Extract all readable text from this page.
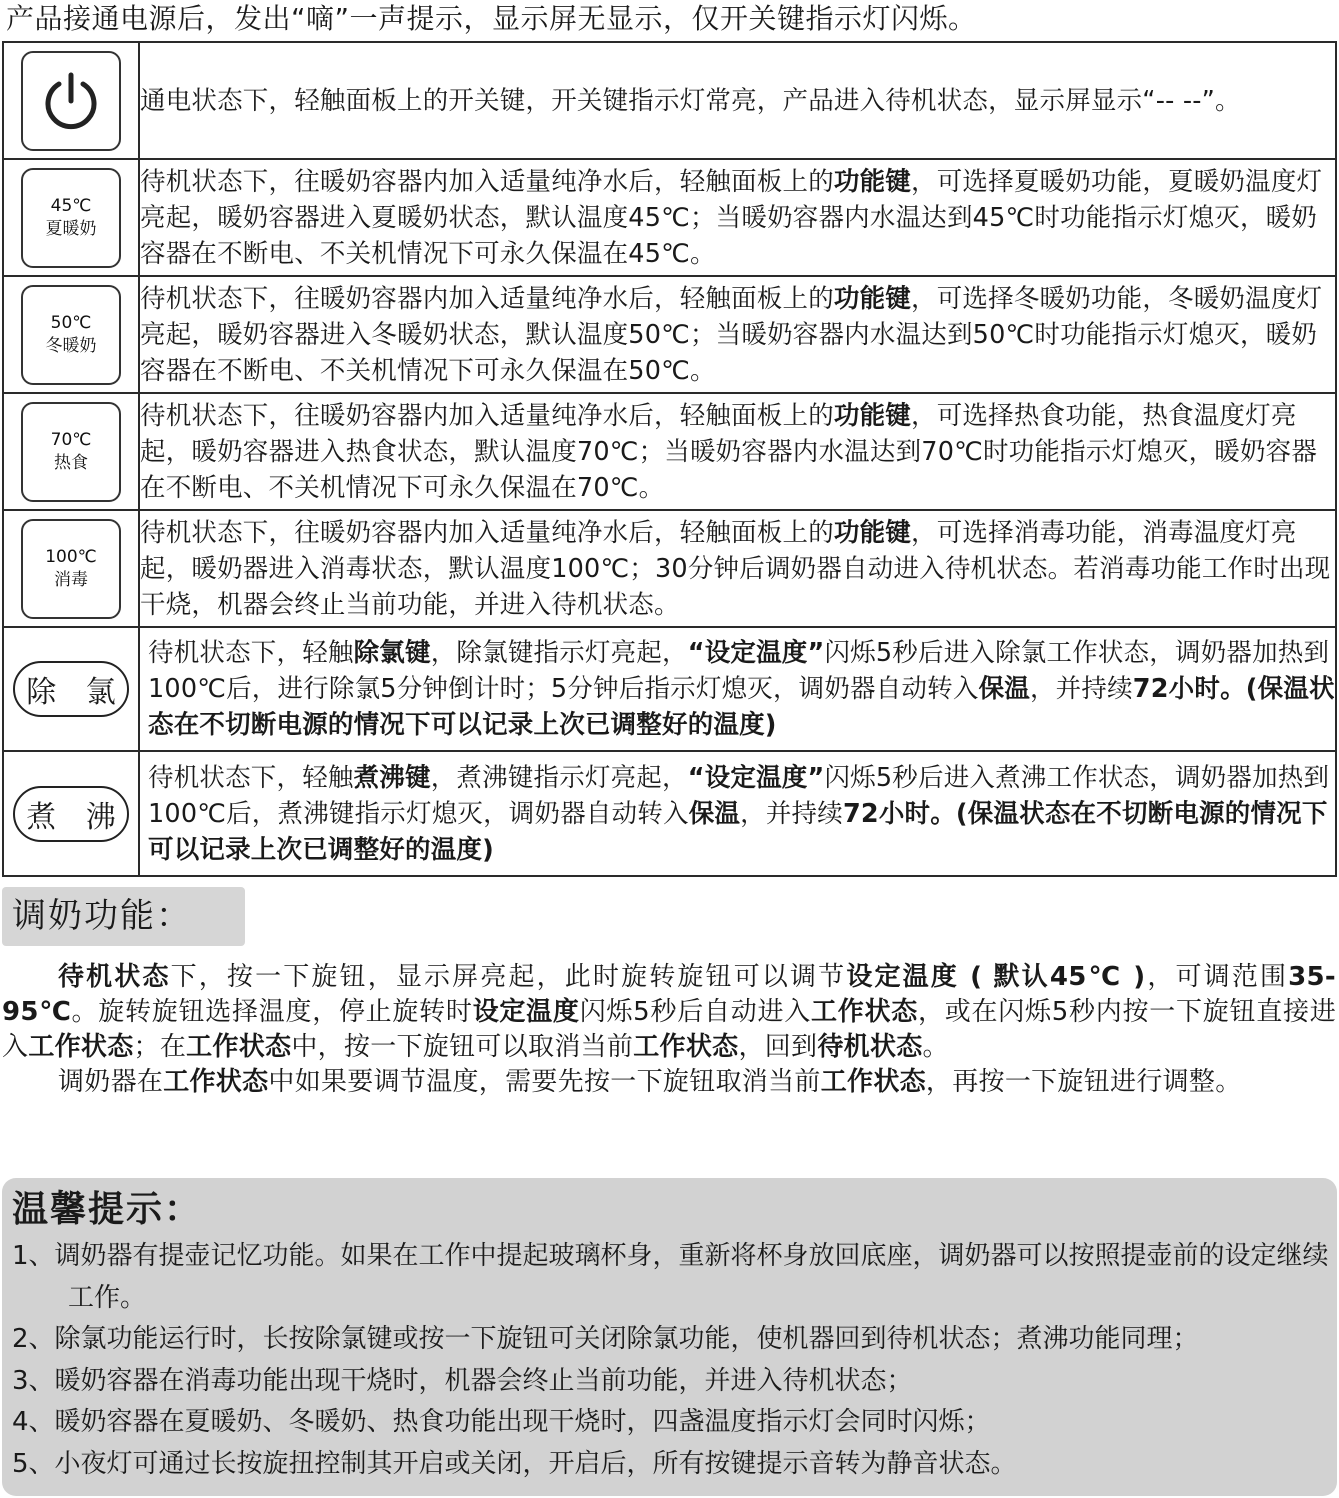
产品接通电源后，发出“嘀”一声提示，显示屏无显示，仅开关键指示灯闪烁。
	通电状态下，轻触面板上的开关键，开关键指示灯常亮，产品进入待机状态，显示屏显示“-- --”。

45℃
夏暖奶	待机状态下，往暖奶容器内加入适量纯净水后，轻触面板上的功能键，可选择夏暖奶功能，夏暖奶温度灯亮起，暖奶容器进入夏暖奶状态，默认温度45℃；当暖奶容器内水温达到45℃时功能指示灯熄灭，暖奶容器在不断电、不关机情况下可永久保温在45℃。

50℃
冬暖奶	待机状态下，往暖奶容器内加入适量纯净水后，轻触面板上的功能键，可选择冬暖奶功能，冬暖奶温度灯亮起，暖奶容器进入冬暖奶状态，默认温度50℃；当暖奶容器内水温达到50℃时功能指示灯熄灭，暖奶容器在不断电、不关机情况下可永久保温在50℃。

70℃
热食	待机状态下，往暖奶容器内加入适量纯净水后，轻触面板上的功能键，可选择热食功能，热食温度灯亮起，暖奶容器进入热食状态，默认温度70℃；当暖奶容器内水温达到70℃时功能指示灯熄灭，暖奶容器在不断电、不关机情况下可永久保温在70℃。

100℃
消毒	待机状态下，往暖奶容器内加入适量纯净水后，轻触面板上的功能键，可选择消毒功能，消毒温度灯亮起，暖奶器进入消毒状态，默认温度100℃；30分钟后调奶器自动进入待机状态。若消毒功能工作时出现干烧，机器会终止当前功能，并进入待机状态。

除 氯	待机状态下，轻触除氯键，除氯键指示灯亮起，“设定温度”闪烁5秒后进入除氯工作状态，调奶器加热到100℃后，进行除氯5分钟倒计时；5分钟后指示灯熄灭，调奶器自动转入保温，并持续72小时。(保温状态在不切断电源的情况下可以记录上次已调整好的温度)

煮 沸	待机状态下，轻触煮沸键，煮沸键指示灯亮起，“设定温度”闪烁5秒后进入煮沸工作状态，调奶器加热到100℃后，煮沸键指示灯熄灭，调奶器自动转入保温，并持续72小时。(保温状态在不切断电源的情况下可以记录上次已调整好的温度)
调奶功能：

待机状态下，按一下旋钮，显示屏亮起，此时旋转旋钮可以调节设定温度 ( 默认45℃ )，可调范围35-95℃。旋转旋钮选择温度，停止旋转时设定温度闪烁5秒后自动进入工作状态，或在闪烁5秒内按一下旋钮直接进入工作状态；在工作状态中，按一下旋钮可以取消当前工作状态，回到待机状态。

调奶器在工作状态中如果要调节温度，需要先按一下旋钮取消当前工作状态，再按一下旋钮进行调整。

温馨提示：
1、调奶器有提壶记忆功能。如果在工作中提起玻璃杯身，重新将杯身放回底座，调奶器可以按照提壶前的设定继续工作。
2、除氯功能运行时，长按除氯键或按一下旋钮可关闭除氯功能，使机器回到待机状态；煮沸功能同理；
3、暖奶容器在消毒功能出现干烧时，机器会终止当前功能，并进入待机状态；
4、暖奶容器在夏暖奶、冬暖奶、热食功能出现干烧时，四盏温度指示灯会同时闪烁；
5、小夜灯可通过长按旋扭控制其开启或关闭，开启后，所有按键提示音转为静音状态。
